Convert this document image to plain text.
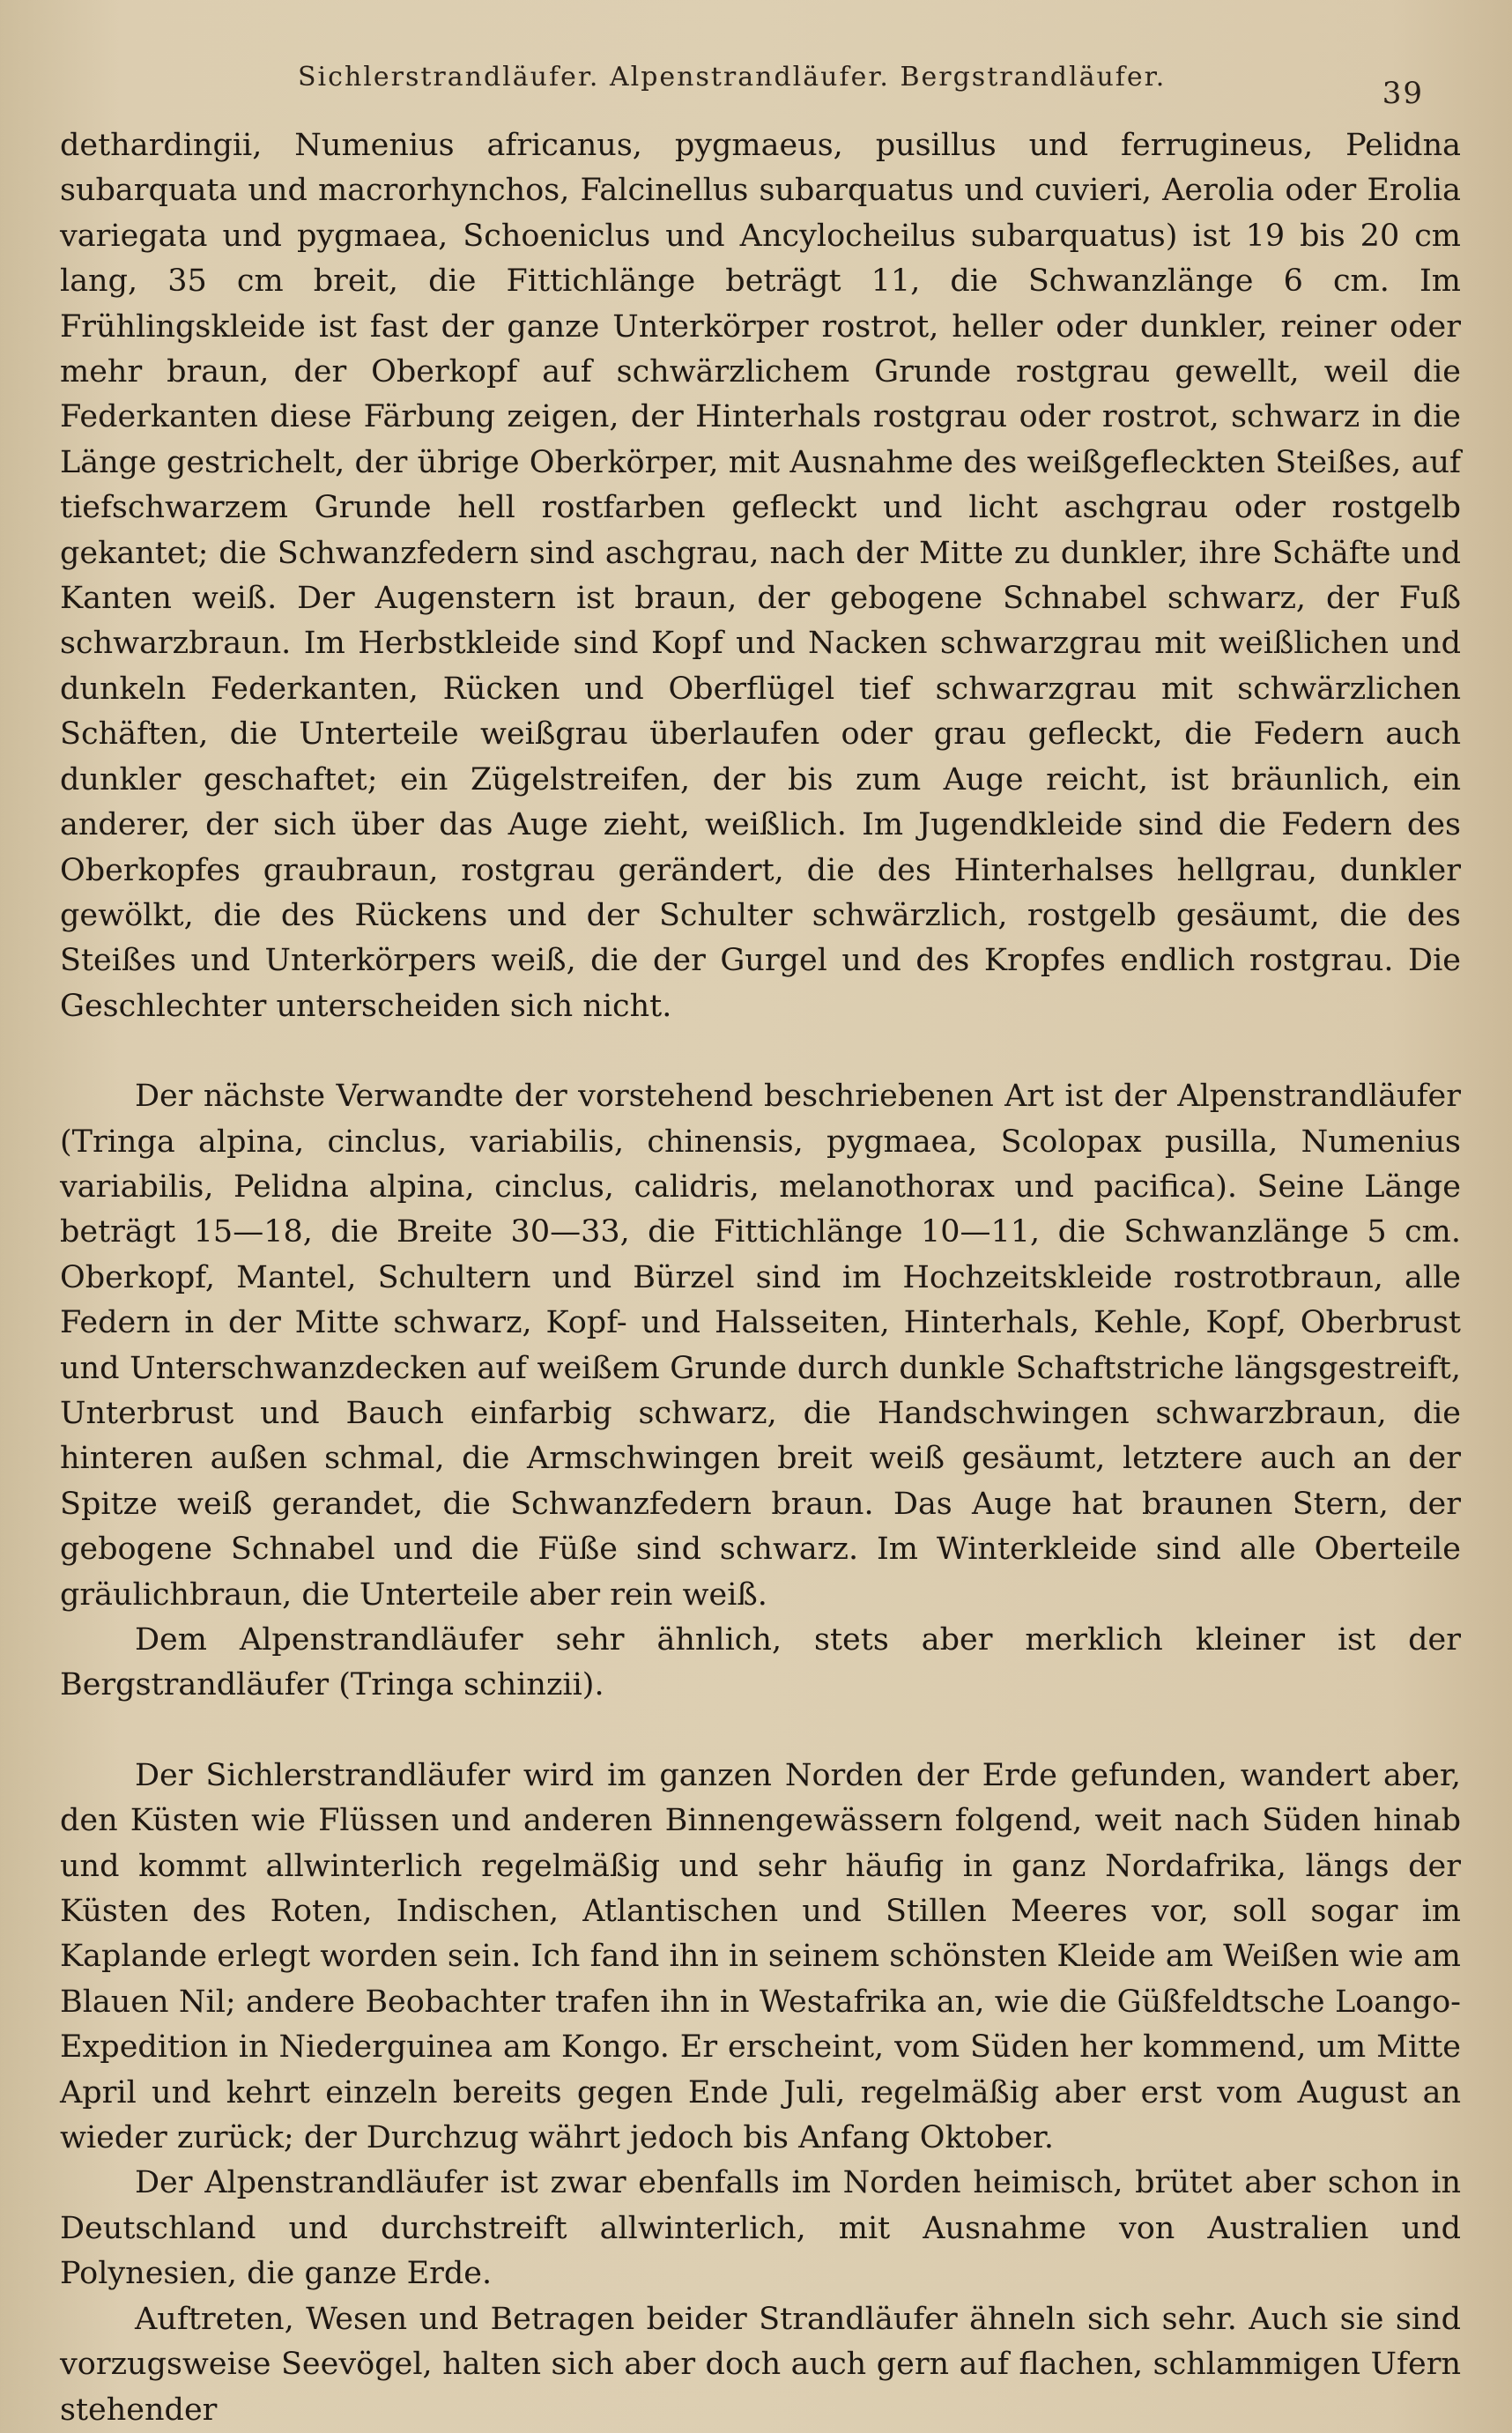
Sichlerstrandläufer. Alpenstrandläufer. Bergstrandläufer.	39

dethardingii, Numenius africanus, pygmaeus, pusillus und ferrugineus, Pelidna subarquata und macrorhynchos, Falcinellus subarquatus und cuvieri, Aerolia oder Erolia variegata und pygmaea, Schoeniclus und Ancylocheilus subarquatus) ist 19 bis 20 cm lang, 35 cm breit, die Fittichlänge beträgt 11, die Schwanzlänge 6 cm. Im Frühlingskleide ist fast der ganze Unterkörper rostrot, heller oder dunkler, reiner oder mehr braun, der Oberkopf auf schwärzlichem Grunde rostgrau gewellt, weil die Federkanten diese Färbung zeigen, der Hinterhals rostgrau oder rostrot, schwarz in die Länge gestrichelt, der übrige Oberkörper, mit Ausnahme des weißgefleckten Steißes, auf tiefschwarzem Grunde hell rostfarben gefleckt und licht aschgrau oder rostgelb gekantet; die Schwanzfedern sind aschgrau, nach der Mitte zu dunkler, ihre Schäfte und Kanten weiß. Der Augenstern ist braun, der gebogene Schnabel schwarz, der Fuß schwarzbraun. Im Herbstkleide sind Kopf und Nacken schwarzgrau mit weißlichen und dunkeln Federkanten, Rücken und Oberflügel tief schwarzgrau mit schwärzlichen Schäften, die Unterteile weißgrau überlaufen oder grau gefleckt, die Federn auch dunkler geschaftet; ein Zügelstreifen, der bis zum Auge reicht, ist bräunlich, ein anderer, der sich über das Auge zieht, weißlich. Im Jugendkleide sind die Federn des Oberkopfes graubraun, rostgrau gerändert, die des Hinterhalses hellgrau, dunkler gewölkt, die des Rückens und der Schulter schwärzlich, rostgelb gesäumt, die des Steißes und Unterkörpers weiß, die der Gurgel und des Kropfes endlich rostgrau. Die Geschlechter unterscheiden sich nicht.

Der nächste Verwandte der vorstehend beschriebenen Art ist der Alpenstrandläufer (Tringa alpina, cinclus, variabilis, chinensis, pygmaea, Scolopax pusilla, Numenius variabilis, Pelidna alpina, cinclus, calidris, melanothorax und pacifica). Seine Länge beträgt 15—18, die Breite 30—33, die Fittichlänge 10—11, die Schwanzlänge 5 cm. Oberkopf, Mantel, Schultern und Bürzel sind im Hochzeitskleide rostrotbraun, alle Federn in der Mitte schwarz, Kopf- und Halsseiten, Hinterhals, Kehle, Kopf, Oberbrust und Unterschwanzdecken auf weißem Grunde durch dunkle Schaftstriche längsgestreift, Unterbrust und Bauch einfarbig schwarz, die Handschwingen schwarzbraun, die hinteren außen schmal, die Armschwingen breit weiß gesäumt, letztere auch an der Spitze weiß gerandet, die Schwanzfedern braun. Das Auge hat braunen Stern, der gebogene Schnabel und die Füße sind schwarz. Im Winterkleide sind alle Oberteile gräulichbraun, die Unterteile aber rein weiß.

Dem Alpenstrandläufer sehr ähnlich, stets aber merklich kleiner ist der Bergstrandläufer (Tringa schinzii).

Der Sichlerstrandläufer wird im ganzen Norden der Erde gefunden, wandert aber, den Küsten wie Flüssen und anderen Binnengewässern folgend, weit nach Süden hinab und kommt allwinterlich regelmäßig und sehr häufig in ganz Nordafrika, längs der Küsten des Roten, Indischen, Atlantischen und Stillen Meeres vor, soll sogar im Kaplande erlegt worden sein. Ich fand ihn in seinem schönsten Kleide am Weißen wie am Blauen Nil; andere Beobachter trafen ihn in Westafrika an, wie die Güßfeldtsche Loango-Expedition in Niederguinea am Kongo. Er erscheint, vom Süden her kommend, um Mitte April und kehrt einzeln bereits gegen Ende Juli, regelmäßig aber erst vom August an wieder zurück; der Durchzug währt jedoch bis Anfang Oktober.

Der Alpenstrandläufer ist zwar ebenfalls im Norden heimisch, brütet aber schon in Deutschland und durchstreift allwinterlich, mit Ausnahme von Australien und Polynesien, die ganze Erde.

Auftreten, Wesen und Betragen beider Strandläufer ähneln sich sehr. Auch sie sind vorzugsweise Seevögel, halten sich aber doch auch gern auf flachen, schlammigen Ufern stehender
